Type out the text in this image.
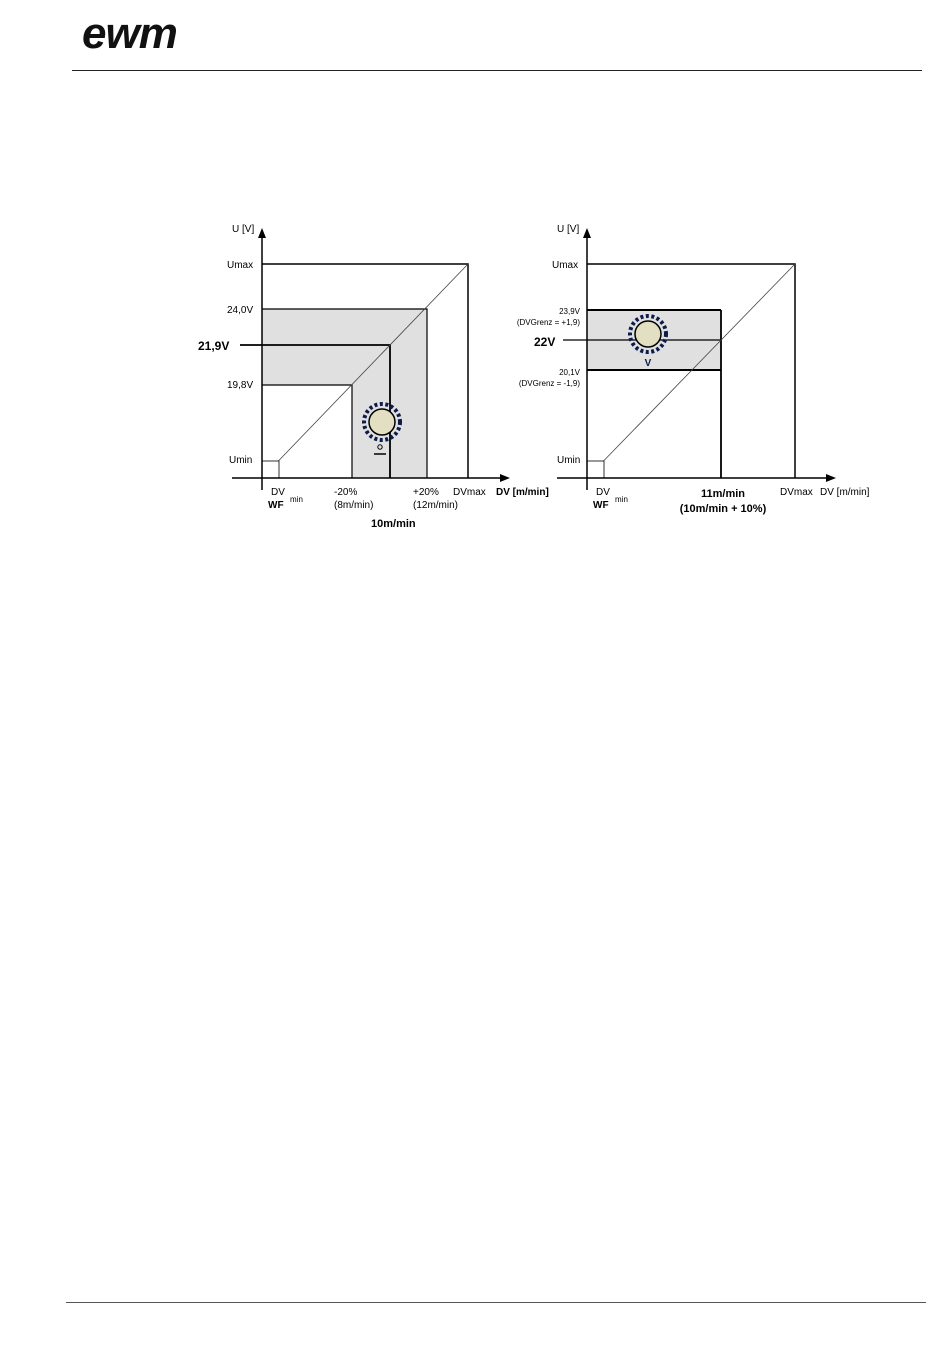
ewm
U [V]
Umax
24,0V
21,9V
19,8V
Umin
DV
WF
min
-20%
(8m/min)
+20%
(12m/min)
DVmax DV [m/min]
10m/min
V
U [V]
Umax
23,9V
(DVGrenz = +1,9)
22V
20,1V
(DVGrenz = -1,9)
Umin
DV
WF
min	11m/min
(10m/min + 10%)
DVmax DV [m/min]
